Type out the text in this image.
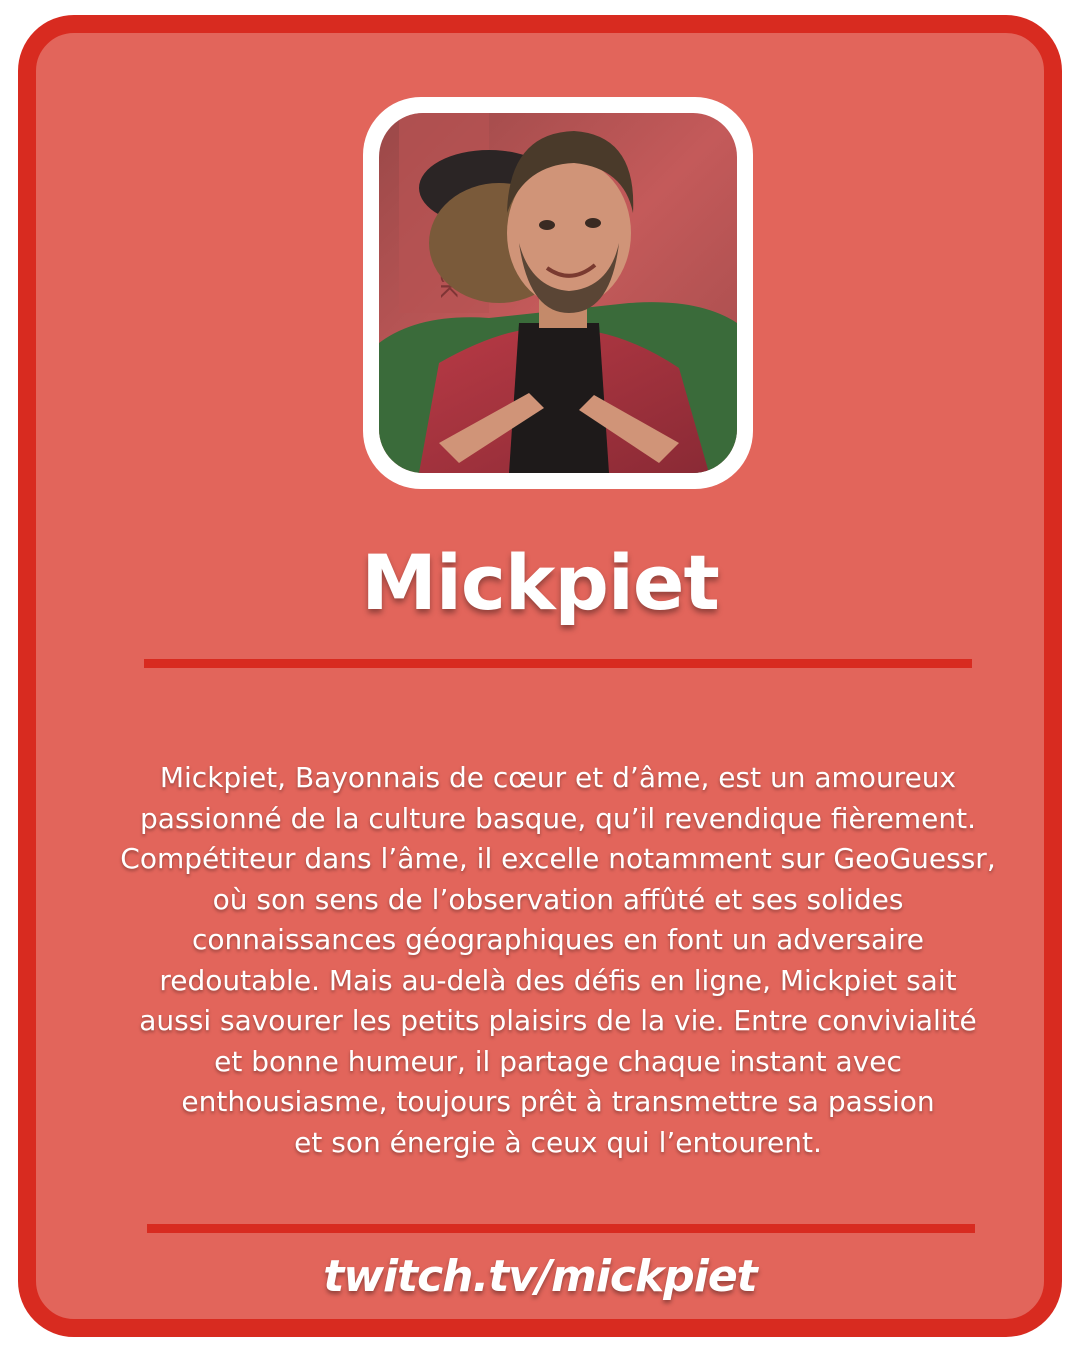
Mickpiet

Mickpiet, Bayonnais de cœur et d’âme, est un amoureux
passionné de la culture basque, qu’il revendique fièrement.
Compétiteur dans l’âme, il excelle notamment sur GeoGuessr,
où son sens de l’observation affûté et ses solides
connaissances géographiques en font un adversaire
redoutable. Mais au-delà des défis en ligne, Mickpiet sait
aussi savourer les petits plaisirs de la vie. Entre convivialité
et bonne humeur, il partage chaque instant avec
enthousiasme, toujours prêt à transmettre sa passion
et son énergie à ceux qui l’entourent.

twitch.tv/mickpiet
